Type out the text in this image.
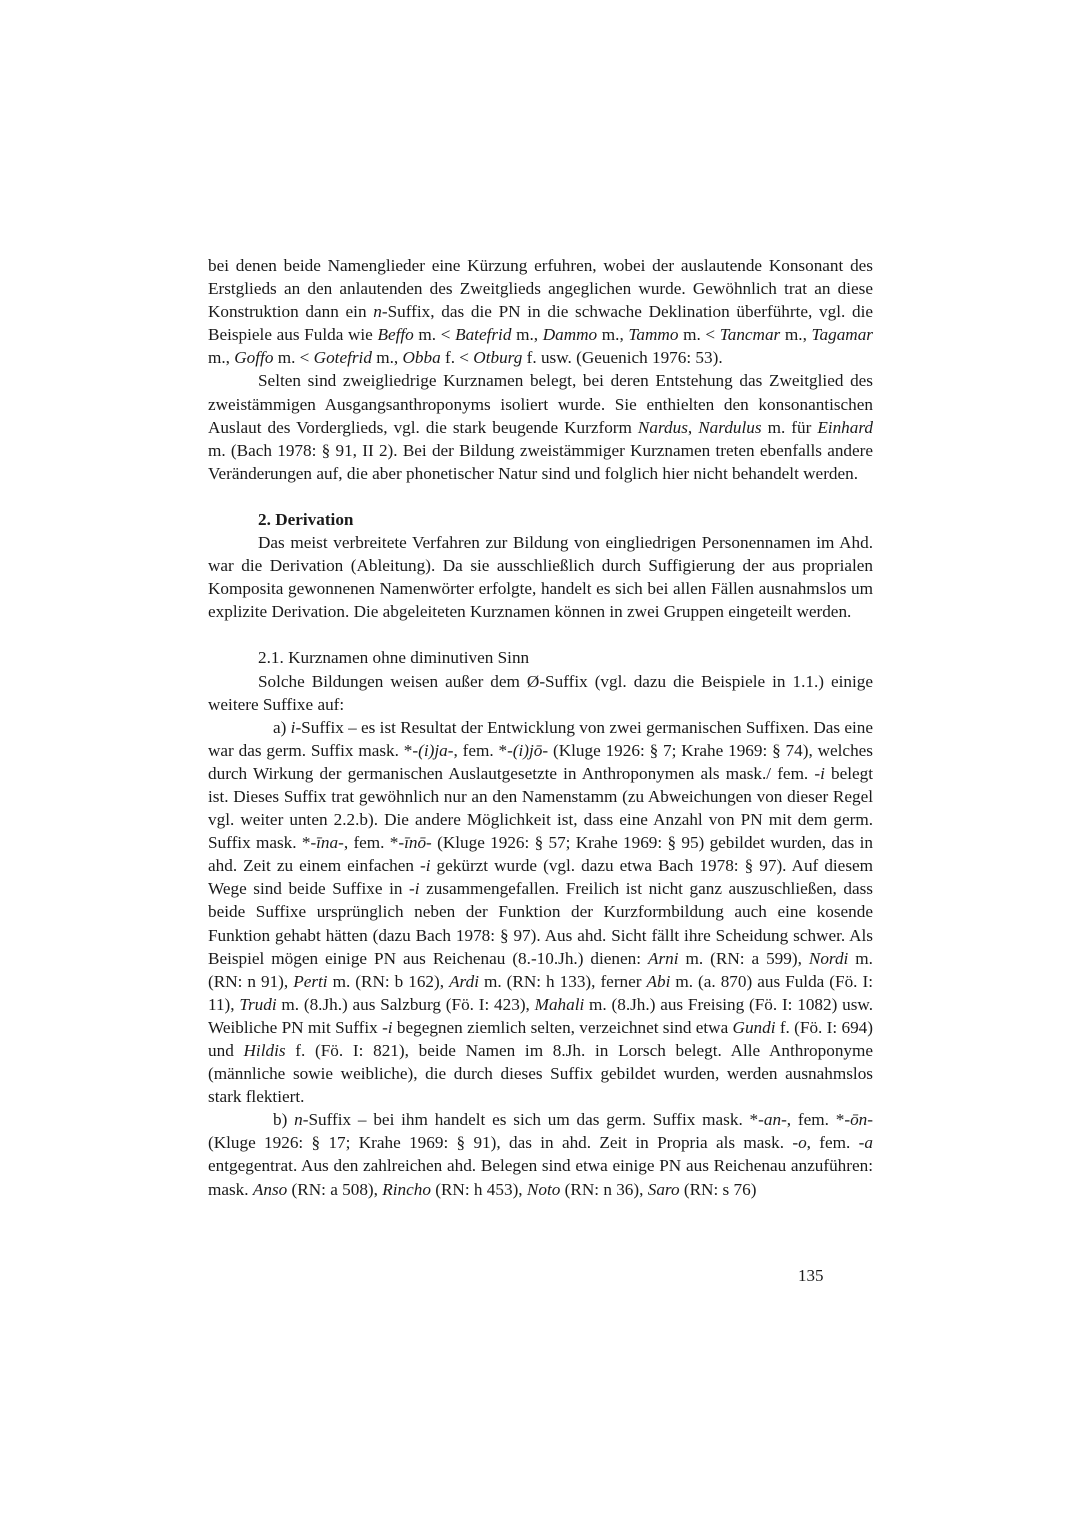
bei denen beide Namenglieder eine Kürzung erfuhren, wobei der auslautende Konsonant des Erstglieds an den anlautenden des Zweitglieds angeglichen wurde. Gewöhnlich trat an diese Konstruktion dann ein n-Suffix, das die PN in die schwache Deklination überführte, vgl. die Beispiele aus Fulda wie Beffo m. < Batefrid m., Dammo m., Tammo m. < Tancmar m., Tagamar m., Goffo m. < Gotefrid m., Obba f. < Otburg f. usw. (Geuenich 1976: 53).

Selten sind zweigliedrige Kurznamen belegt, bei deren Entstehung das Zweitglied des zweistämmigen Ausgangsanthroponyms isoliert wurde. Sie enthielten den konsonantischen Auslaut des Vorderglieds, vgl. die stark beugende Kurzform Nardus, Nardulus m. für Einhard m. (Bach 1978: § 91, II 2). Bei der Bildung zweistämmiger Kurznamen treten ebenfalls andere Veränderungen auf, die aber phonetischer Natur sind und folglich hier nicht behandelt werden.

2. Derivation

Das meist verbreitete Verfahren zur Bildung von eingliedrigen Personennamen im Ahd. war die Derivation (Ableitung). Da sie ausschließlich durch Suffigierung der aus proprialen Komposita gewonnenen Namenwörter erfolgte, handelt es sich bei allen Fällen ausnahmslos um explizite Derivation. Die abgeleiteten Kurznamen können in zwei Gruppen eingeteilt werden.

2.1. Kurznamen ohne diminutiven Sinn

Solche Bildungen weisen außer dem Ø-Suffix (vgl. dazu die Beispiele in 1.1.) einige weitere Suffixe auf:

a) i-Suffix – es ist Resultat der Entwicklung von zwei germanischen Suffixen. Das eine war das germ. Suffix mask. *-(i)ja-, fem. *-(i)jō- (Kluge 1926: § 7; Krahe 1969: § 74), welches durch Wirkung der germanischen Auslautgesetzte in Anthroponymen als mask./ fem. -i belegt ist. Dieses Suffix trat gewöhnlich nur an den Namenstamm (zu Abweichungen von dieser Regel vgl. weiter unten 2.2.b). Die andere Möglichkeit ist, dass eine Anzahl von PN mit dem germ. Suffix mask. *-īna-, fem. *-īnō- (Kluge 1926: § 57; Krahe 1969: § 95) gebildet wurden, das in ahd. Zeit zu einem einfachen -i gekürzt wurde (vgl. dazu etwa Bach 1978: § 97). Auf diesem Wege sind beide Suffixe in -i zusammengefallen. Freilich ist nicht ganz auszuschließen, dass beide Suffixe ursprünglich neben der Funktion der Kurzformbildung auch eine kosende Funktion gehabt hätten (dazu Bach 1978: § 97). Aus ahd. Sicht fällt ihre Scheidung schwer. Als Beispiel mögen einige PN aus Reichenau (8.-10.Jh.) dienen: Arni m. (RN: a 599), Nordi m. (RN: n 91), Perti m. (RN: b 162), Ardi m. (RN: h 133), ferner Abi m. (a. 870) aus Fulda (Fö. I: 11), Trudi m. (8.Jh.) aus Salzburg (Fö. I: 423), Mahali m. (8.Jh.) aus Freising (Fö. I: 1082) usw. Weibliche PN mit Suffix -i begegnen ziemlich selten, verzeichnet sind etwa Gundi f. (Fö. I: 694) und Hildis f. (Fö. I: 821), beide Namen im 8.Jh. in Lorsch belegt. Alle Anthroponyme (männliche sowie weibliche), die durch dieses Suffix gebildet wurden, werden ausnahmslos stark flektiert.

b) n-Suffix – bei ihm handelt es sich um das germ. Suffix mask. *-an-, fem. *-ōn- (Kluge 1926: § 17; Krahe 1969: § 91), das in ahd. Zeit in Propria als mask. -o, fem. -a entgegentrat. Aus den zahlreichen ahd. Belegen sind etwa einige PN aus Reichenau anzuführen: mask. Anso (RN: a 508), Rincho (RN: h 453), Noto (RN: n 36), Saro (RN: s 76)

135
